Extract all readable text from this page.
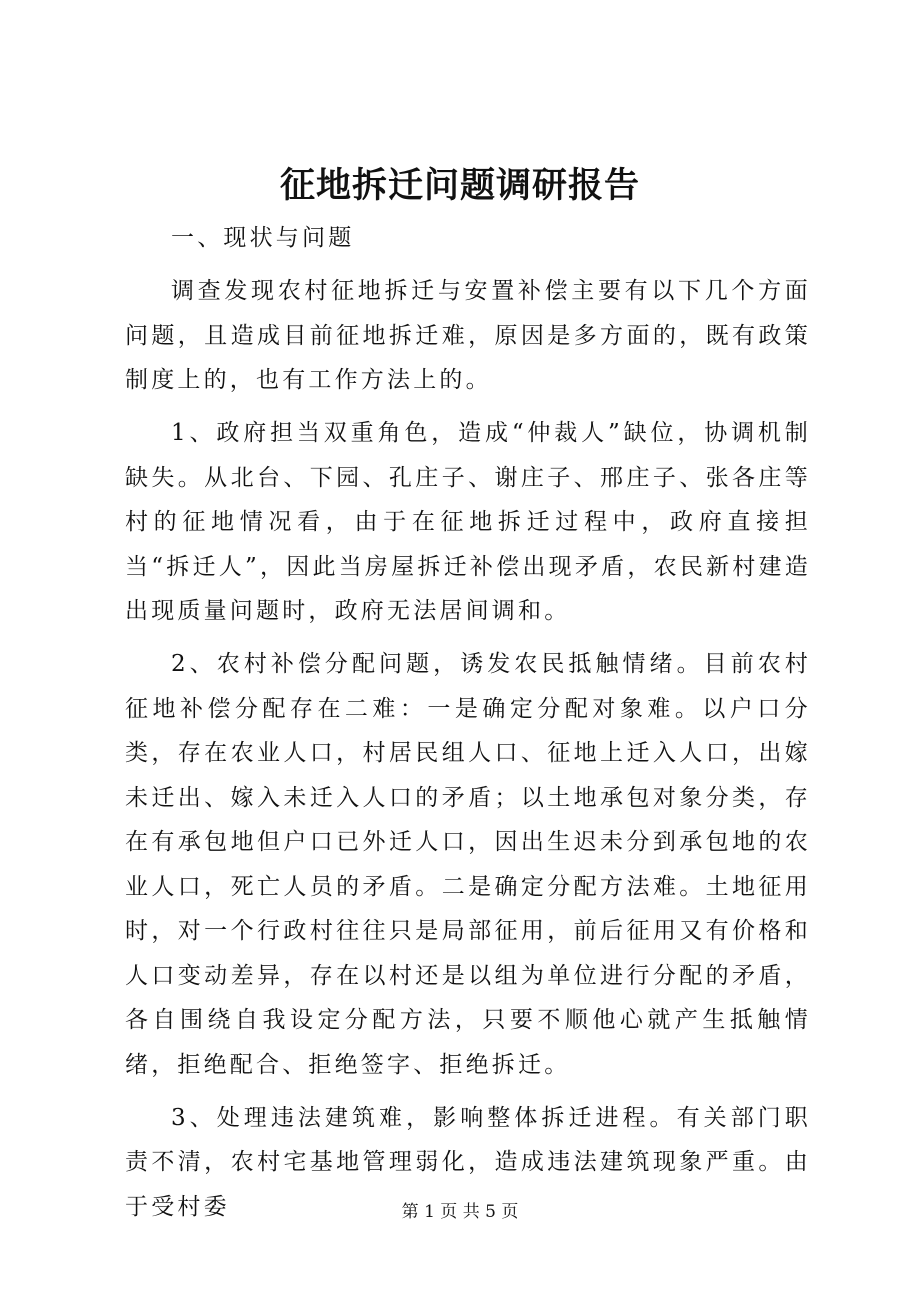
征地拆迁问题调研报告

一、现状与问题

调查发现农村征地拆迁与安置补偿主要有以下几个方面问题，且造成目前征地拆迁难，原因是多方面的，既有政策制度上的，也有工作方法上的。

1、政府担当双重角色，造成“仲裁人”缺位，协调机制缺失。从北台、下园、孔庄子、谢庄子、邢庄子、张各庄等村的征地情况看，由于在征地拆迁过程中，政府直接担当“拆迁人”，因此当房屋拆迁补偿出现矛盾，农民新村建造出现质量问题时，政府无法居间调和。

2、农村补偿分配问题，诱发农民抵触情绪。目前农村征地补偿分配存在二难：一是确定分配对象难。以户口分类，存在农业人口，村居民组人口、征地上迁入人口，出嫁未迁出、嫁入未迁入人口的矛盾；以土地承包对象分类，存在有承包地但户口已外迁人口，因出生迟未分到承包地的农业人口，死亡人员的矛盾。二是确定分配方法难。土地征用时，对一个行政村往往只是局部征用，前后征用又有价格和人口变动差异，存在以村还是以组为单位进行分配的矛盾，各自围绕自我设定分配方法，只要不顺他心就产生抵触情绪，拒绝配合、拒绝签字、拒绝拆迁。

3、处理违法建筑难，影响整体拆迁进程。有关部门职责不清，农村宅基地管理弱化，造成违法建筑现象严重。由于受村委	第 1 页 共 5 页
